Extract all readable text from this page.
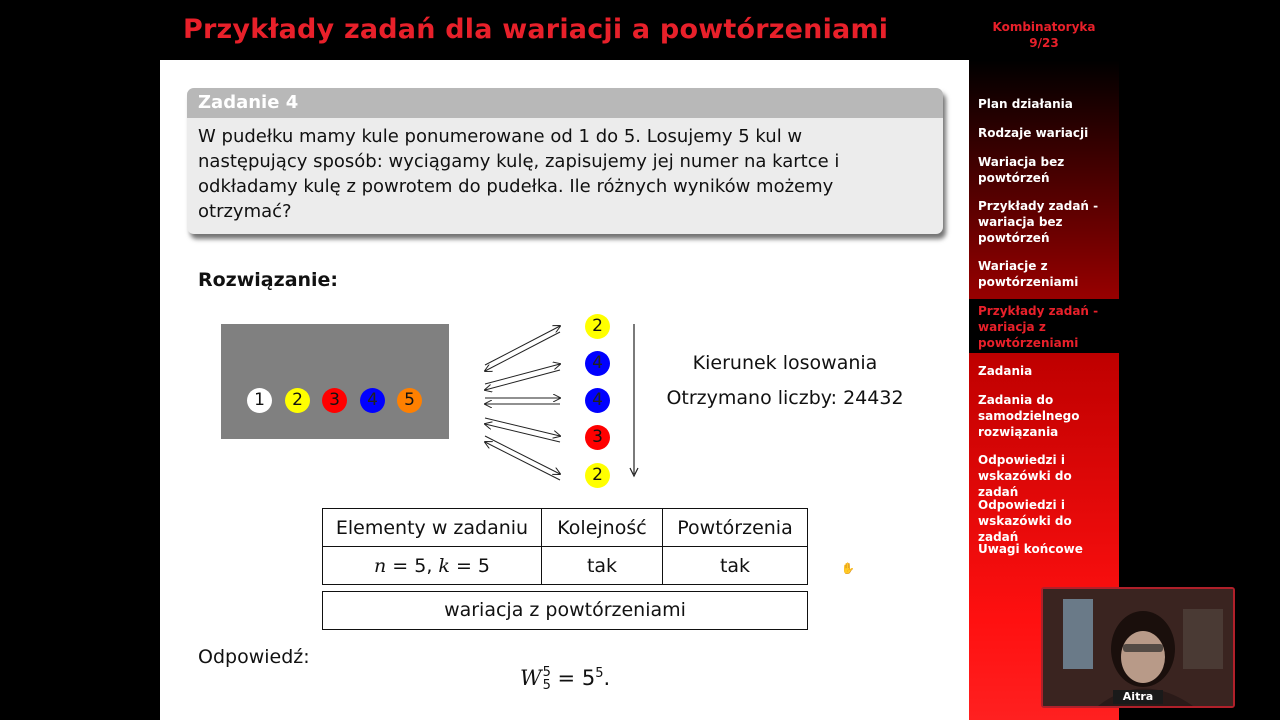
Przykłady zadań dla wariacji a powtórzeniami
Zadanie 4
W pudełku mamy kule ponumerowane od 1 do 5. Losujemy 5 kul w
następujący sposób: wyciągamy kulę, zapisujemy jej numer na kartce i
odkładamy kulę z powrotem do pudełka. Ile różnych wyników możemy
otrzymać?
Rozwiązanie:
1	2	3	4	5
2
4
4
3
2
Kierunek losowania
Otrzymano liczby: 24432
Elementy w zadaniu	Kolejność	Powtórzenia
n = 5, k = 5	tak	tak
wariacja z powtórzeniami
Odpowiedź:
W5
$5 = 5^5$.
✋
Kombinatoryka
9/23
Plan działania
Rodzaje wariacji
Wariacja bez powtórzeń
Przykłady zadań - wariacja bez powtórzeń
Wariacje z powtórzeniami
Przykłady zadań - wariacja z powtórzeniami
Zadania
Zadania do samodzielnego rozwiązania
Odpowiedzi i wskazówki do zadań
Odpowiedzi i wskazówki do zadań
Uwagi końcowe
Aitra
